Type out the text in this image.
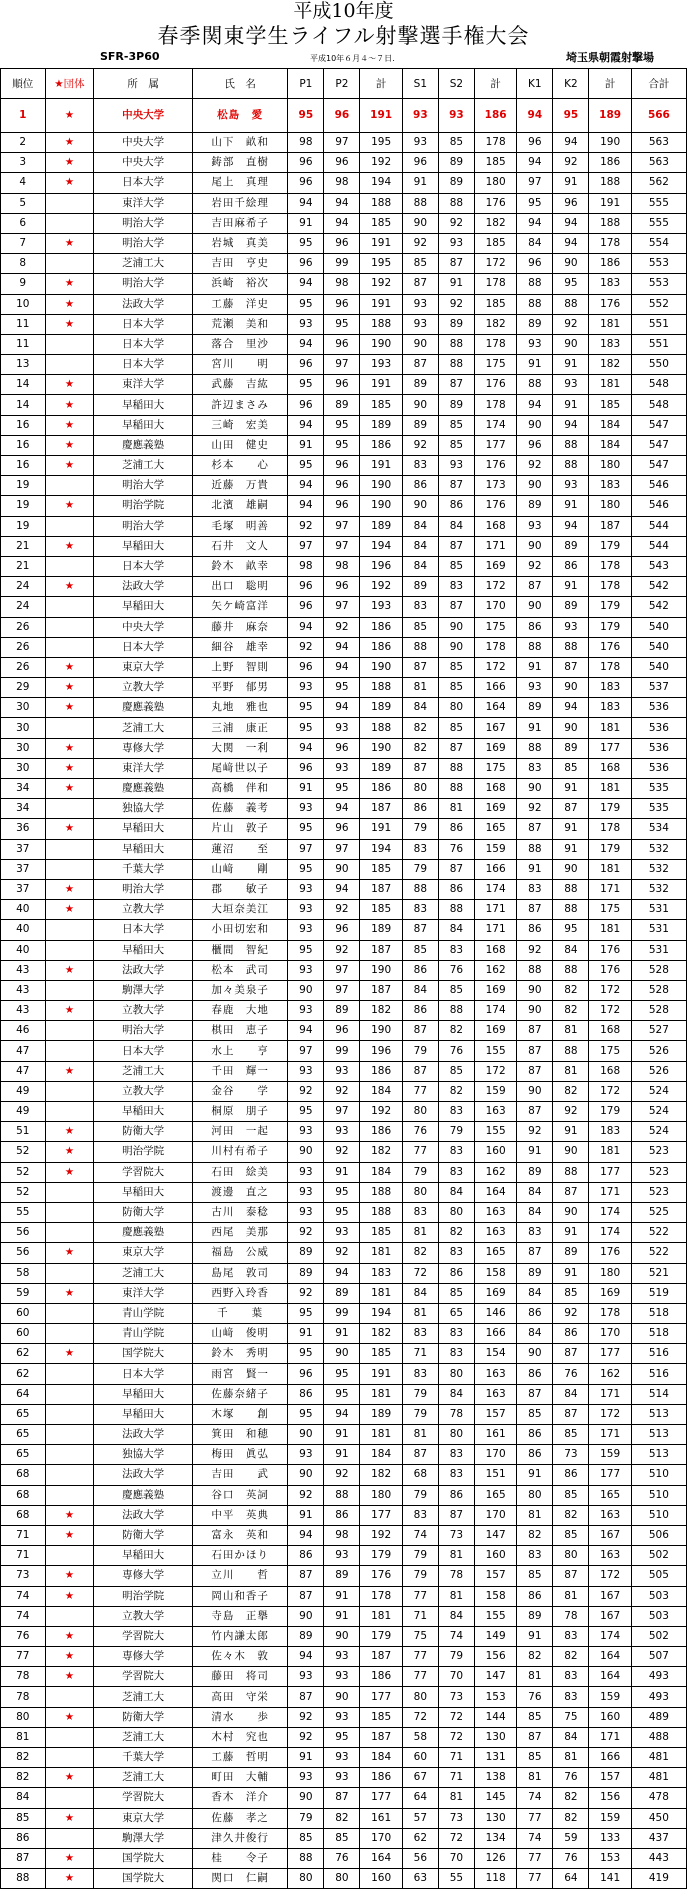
平成10年度
春季関東学生ライフル射撃選手権大会
SFR-3P60	平成10年６月４～７日.	埼玉県朝霞射撃場
順位	★団体	所　属	氏　名	P1	P2	計	S1	S2	計	K1	K2	計	合計
1	★	中央大学	松島　愛	95	96	191	93	93	186	94	95	189	566
2	★	中央大学	山下　畝和	98	97	195	93	85	178	96	94	190	563
3	★	中央大学	鋳部　直樹	96	96	192	96	89	185	94	92	186	563
4	★	日本大学	尾上　真理	96	98	194	91	89	180	97	91	188	562
5		東洋大学	岩田千絵理	94	94	188	88	88	176	95	96	191	555
6		明治大学	吉田麻希子	91	94	185	90	92	182	94	94	188	555
7	★	明治大学	岩城　真美	95	96	191	92	93	185	84	94	178	554
8		芝浦工大	吉田　亨史	96	99	195	85	87	172	96	90	186	553
9	★	明治大学	浜崎　裕次	94	98	192	87	91	178	88	95	183	553
10	★	法政大学	工藤　洋史	95	96	191	93	92	185	88	88	176	552
11	★	日本大学	荒瀬　美和	93	95	188	93	89	182	89	92	181	551
11		日本大学	落合　里沙	94	96	190	90	88	178	93	90	183	551
13		日本大学	宮川　　明	96	97	193	87	88	175	91	91	182	550
14	★	東洋大学	武藤　吉紘	95	96	191	89	87	176	88	93	181	548
14	★	早稲田大	許辺まさみ	96	89	185	90	89	178	94	91	185	548
16	★	早稲田大	三崎　宏美	94	95	189	89	85	174	90	94	184	547
16	★	慶應義塾	山田　健史	91	95	186	92	85	177	96	88	184	547
16	★	芝浦工大	杉本　　心	95	96	191	83	93	176	92	88	180	547
19		明治大学	近藤　万貴	94	96	190	86	87	173	90	93	183	546
19	★	明治学院	北濱　雄嗣	94	96	190	90	86	176	89	91	180	546
19		明治大学	毛塚　明善	92	97	189	84	84	168	93	94	187	544
21	★	早稲田大	石井　文人	97	97	194	84	87	171	90	89	179	544
21		日本大学	鈴木　畝幸	98	98	196	84	85	169	92	86	178	543
24	★	法政大学	出口　聡明	96	96	192	89	83	172	87	91	178	542
24		早稲田大	矢ケ崎富洋	96	97	193	83	87	170	90	89	179	542
26		中央大学	藤井　麻奈	94	92	186	85	90	175	86	93	179	540
26		日本大学	細谷　雄幸	92	94	186	88	90	178	88	88	176	540
26	★	東京大学	上野　智則	96	94	190	87	85	172	91	87	178	540
29	★	立教大学	平野　郁男	93	95	188	81	85	166	93	90	183	537
30	★	慶應義塾	丸地　雅也	95	94	189	84	80	164	89	94	183	536
30		芝浦工大	三浦　康正	95	93	188	82	85	167	91	90	181	536
30	★	専修大学	大関　一利	94	96	190	82	87	169	88	89	177	536
30	★	東洋大学	尾﨑世以子	96	93	189	87	88	175	83	85	168	536
34	★	慶應義塾	高橋　伴和	91	95	186	80	88	168	90	91	181	535
34		独協大学	佐藤　義考	93	94	187	86	81	169	92	87	179	535
36	★	早稲田大	片山　敦子	95	96	191	79	86	165	87	91	178	534
37		早稲田大	蓮沼　　至	97	97	194	83	76	159	88	91	179	532
37		千葉大学	山﨑　　剛	95	90	185	79	87	166	91	90	181	532
37	★	明治大学	郡　　敏子	93	94	187	88	86	174	83	88	171	532
40	★	立教大学	大垣奈美江	93	92	185	83	88	171	87	88	175	531
40		日本大学	小田切宏和	93	96	189	87	84	171	86	95	181	531
40		早稲田大	櫃間　智紀	95	92	187	85	83	168	92	84	176	531
43	★	法政大学	松本　武司	93	97	190	86	76	162	88	88	176	528
43		駒澤大学	加々美泉子	90	97	187	84	85	169	90	82	172	528
43	★	立教大学	春鹿　大地	93	89	182	86	88	174	90	82	172	528
46		明治大学	棋田　恵子	94	96	190	87	82	169	87	81	168	527
47		日本大学	水上　　亨	97	99	196	79	76	155	87	88	175	526
47	★	芝浦工大	千田　輝一	93	93	186	87	85	172	87	81	168	526
49		立教大学	金谷　　学	92	92	184	77	82	159	90	82	172	524
49		早稲田大	桐原　朋子	95	97	192	80	83	163	87	92	179	524
51	★	防衛大学	河田　一起	93	93	186	76	79	155	92	91	183	524
52	★	明治学院	川村有希子	90	92	182	77	83	160	91	90	181	523
52	★	学習院大	石田　絵美	93	91	184	79	83	162	89	88	177	523
52		早稲田大	渡邊　直之	93	95	188	80	84	164	84	87	171	523
55		防衛大学	古川　泰稔	93	95	188	83	80	163	84	90	174	525
56		慶應義塾	西尾　美那	92	93	185	81	82	163	83	91	174	522
56	★	東京大学	福島　公威	89	92	181	82	83	165	87	89	176	522
58		芝浦工大	島尾　敦司	89	94	183	72	86	158	89	91	180	521
59	★	東洋大学	西野入玲香	92	89	181	84	85	169	84	85	169	519
60		青山学院	千　　葉	95	99	194	81	65	146	86	92	178	518
60		青山学院	山﨑　俊明	91	91	182	83	83	166	84	86	170	518
62	★	国学院大	鈴木　秀明	95	90	185	71	83	154	90	87	177	516
62		日本大学	雨宮　賢一	96	95	191	83	80	163	86	76	162	516
64		早稲田大	佐藤奈緒子	86	95	181	79	84	163	87	84	171	514
65		早稲田大	木塚　　創	95	94	189	79	78	157	85	87	172	513
65		法政大学	箕田　和穂	90	91	181	81	80	161	86	85	171	513
65		独協大学	梅田　眞弘	93	91	184	87	83	170	86	73	159	513
68		法政大学	吉田　　武	90	92	182	68	83	151	91	86	177	510
68		慶應義塾	谷口　英詞	92	88	180	79	86	165	80	85	165	510
68	★	法政大学	中平　英典	91	86	177	83	87	170	81	82	163	510
71	★	防衛大学	富永　英和	94	98	192	74	73	147	82	85	167	506
71		早稲田大	石田かほり	86	93	179	79	81	160	83	80	163	502
73	★	専修大学	立川　　哲	87	89	176	79	78	157	85	87	172	505
74	★	明治学院	岡山和香子	87	91	178	77	81	158	86	81	167	503
74		立教大学	寺島　正擧	90	91	181	71	84	155	89	78	167	503
76	★	学習院大	竹内謙太郎	89	90	179	75	74	149	91	83	174	502
77	★	専修大学	佐々木　敦	94	93	187	77	79	156	82	82	164	507
78	★	学習院大	藤田　将司	93	93	186	77	70	147	81	83	164	493
78		芝浦工大	高田　守栄	87	90	177	80	73	153	76	83	159	493
80	★	防衛大学	清水　　歩	92	93	185	72	72	144	85	75	160	489
81		芝浦工大	木村　究也	92	95	187	58	72	130	87	84	171	488
82		千葉大学	工藤　哲明	91	93	184	60	71	131	85	81	166	481
82	★	芝浦工大	町田　大輔	93	93	186	67	71	138	81	76	157	481
84		学習院大	香木　洋介	90	87	177	64	81	145	74	82	156	478
85	★	東京大学	佐藤　孝之	79	82	161	57	73	130	77	82	159	450
86		駒澤大学	津久井俊行	85	85	170	62	72	134	74	59	133	437
87	★	国学院大	桂　　令子	88	76	164	56	70	126	77	76	153	443
88	★	国学院大	関口　仁嗣	80	80	160	63	55	118	77	64	141	419
